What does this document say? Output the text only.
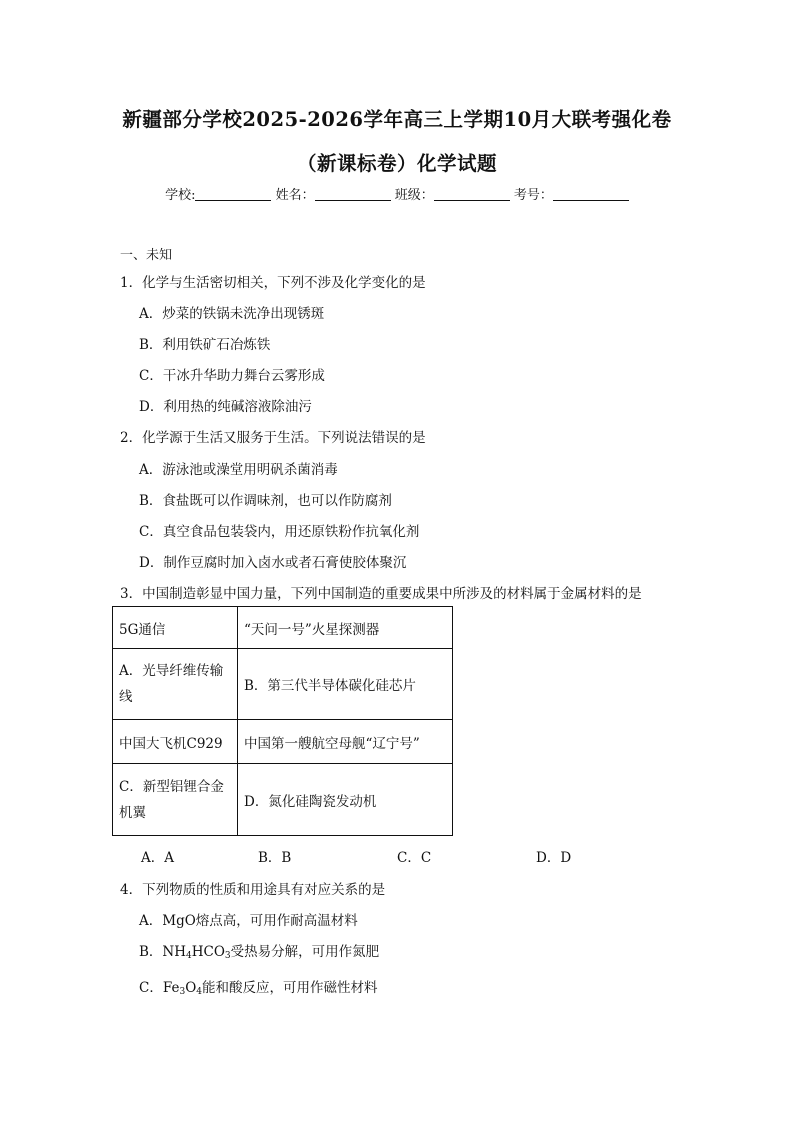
新疆部分学校2025-2026学年高三上学期10月大联考强化卷
（新课标卷）化学试题
学校:	姓名：	班级：	考号：
一、未知
1．化学与生活密切相关，下列不涉及化学变化的是
A．炒菜的铁锅未洗净出现锈斑
B．利用铁矿石冶炼铁
C．干冰升华助力舞台云雾形成
D．利用热的纯碱溶液除油污
2．化学源于生活又服务于生活。下列说法错误的是
A．游泳池或澡堂用明矾杀菌消毒
B．食盐既可以作调味剂，也可以作防腐剂
C．真空食品包装袋内，用还原铁粉作抗氧化剂
D．制作豆腐时加入卤水或者石膏使胶体聚沉
3．中国制造彰显中国力量，下列中国制造的重要成果中所涉及的材料属于金属材料的是
5G通信	“天问一号”火星探测器

A．光导纤维传输
线	B．第三代半导体碳化硅芯片
中国大飞机C929	中国第一艘航空母舰“辽宁号”

C．新型铝锂合金
机翼	D．氮化硅陶瓷发动机
A．A	B．B	C．C	D．D
4．下列物质的性质和用途具有对应关系的是
A．MgO熔点高，可用作耐高温材料
B．$NH_4HCO_3$受热易分解，可用作氮肥
C．$Fe_3O_4$能和酸反应，可用作磁性材料
